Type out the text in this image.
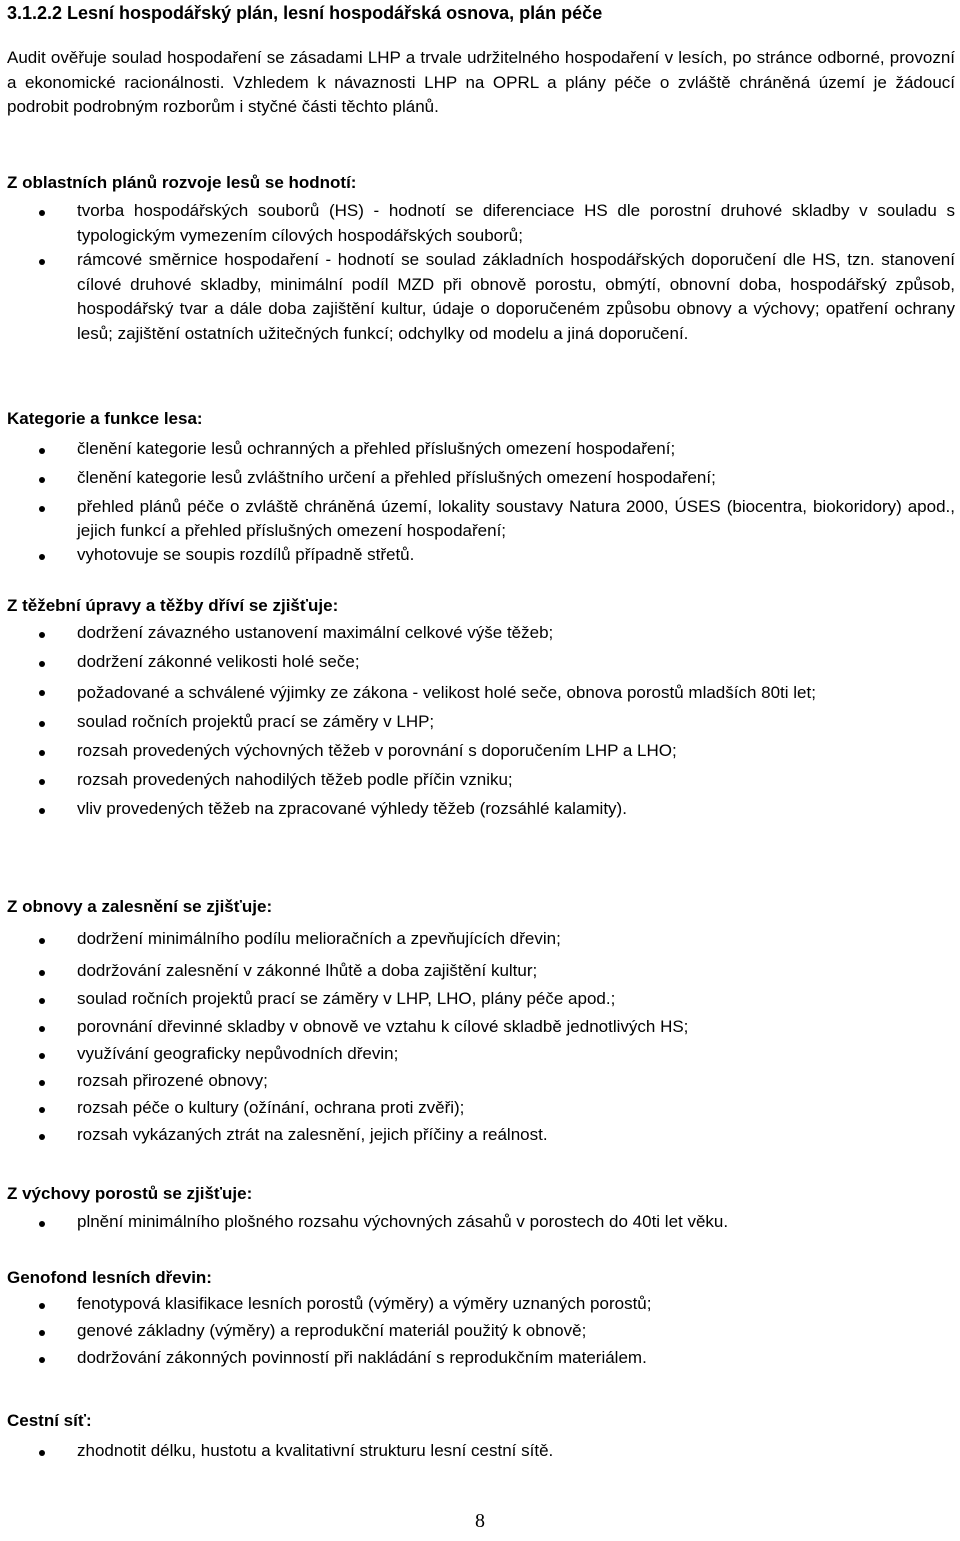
3.1.2.2 Lesní hospodářský plán, lesní hospodářská osnova, plán péče

Audit ověřuje soulad hospodaření se zásadami LHP a trvale udržitelného hospodaření v lesích, po stránce odborné, provozní a ekonomické racionálnosti. Vzhledem k návaznosti LHP na OPRL a plány péče o zvláště chráněná území je žádoucí podrobit podrobným rozborům i styčné části těchto plánů.

Z oblastních plánů rozvoje lesů se hodnotí:
tvorba hospodářských souborů (HS) - hodnotí se diferenciace HS dle porostní druhové skladby v souladu s typologickým vymezením cílových hospodářských souborů;
rámcové směrnice hospodaření - hodnotí se soulad základních hospodářských doporučení dle HS, tzn. stanovení cílové druhové skladby, minimální podíl MZD při obnově porostu, obmýtí, obnovní doba, hospodářský způsob, hospodářský tvar a dále doba zajištění kultur, údaje o doporučeném způsobu obnovy a výchovy; opatření ochrany lesů; zajištění ostatních užitečných funkcí; odchylky od modelu a jiná doporučení.
Kategorie a funkce lesa:
členění kategorie lesů ochranných a přehled příslušných omezení hospodaření;
členění kategorie lesů zvláštního určení a přehled příslušných omezení hospodaření;
přehled plánů péče o zvláště chráněná území, lokality soustavy Natura 2000, ÚSES (biocentra, biokoridory) apod., jejich funkcí a přehled příslušných omezení hospodaření;
vyhotovuje se soupis rozdílů případně střetů.
Z těžební úpravy a těžby dříví se zjišťuje:
dodržení závazného ustanovení maximální celkové výše těžeb;
dodržení zákonné velikosti holé seče;
požadované a schválené výjimky ze zákona - velikost holé seče, obnova porostů mladších 80ti let;
soulad ročních projektů prací se záměry v LHP;
rozsah provedených výchovných těžeb v porovnání s doporučením LHP a LHO;
rozsah provedených nahodilých těžeb podle příčin vzniku;
vliv provedených těžeb na zpracované výhledy těžeb (rozsáhlé kalamity).
Z obnovy a zalesnění se zjišťuje:
dodržení minimálního podílu melioračních a zpevňujících dřevin;
dodržování zalesnění v zákonné lhůtě a doba zajištění kultur;
soulad ročních projektů prací se záměry v LHP, LHO, plány péče apod.;
porovnání dřevinné skladby v obnově ve vztahu k cílové skladbě jednotlivých HS;
využívání geograficky nepůvodních dřevin;
rozsah přirozené obnovy;
rozsah péče o kultury (ožínání, ochrana proti zvěři);
rozsah vykázaných ztrát na zalesnění, jejich příčiny a reálnost.
Z výchovy porostů se zjišťuje:
plnění minimálního plošného rozsahu výchovných zásahů v porostech do 40ti let věku.
Genofond lesních dřevin:
fenotypová klasifikace lesních porostů (výměry) a výměry uznaných porostů;
genové základny (výměry) a reprodukční materiál použitý k obnově;
dodržování zákonných povinností při nakládání s reprodukčním materiálem.
Cestní síť:
zhodnotit délku, hustotu a kvalitativní strukturu lesní cestní sítě.
8
